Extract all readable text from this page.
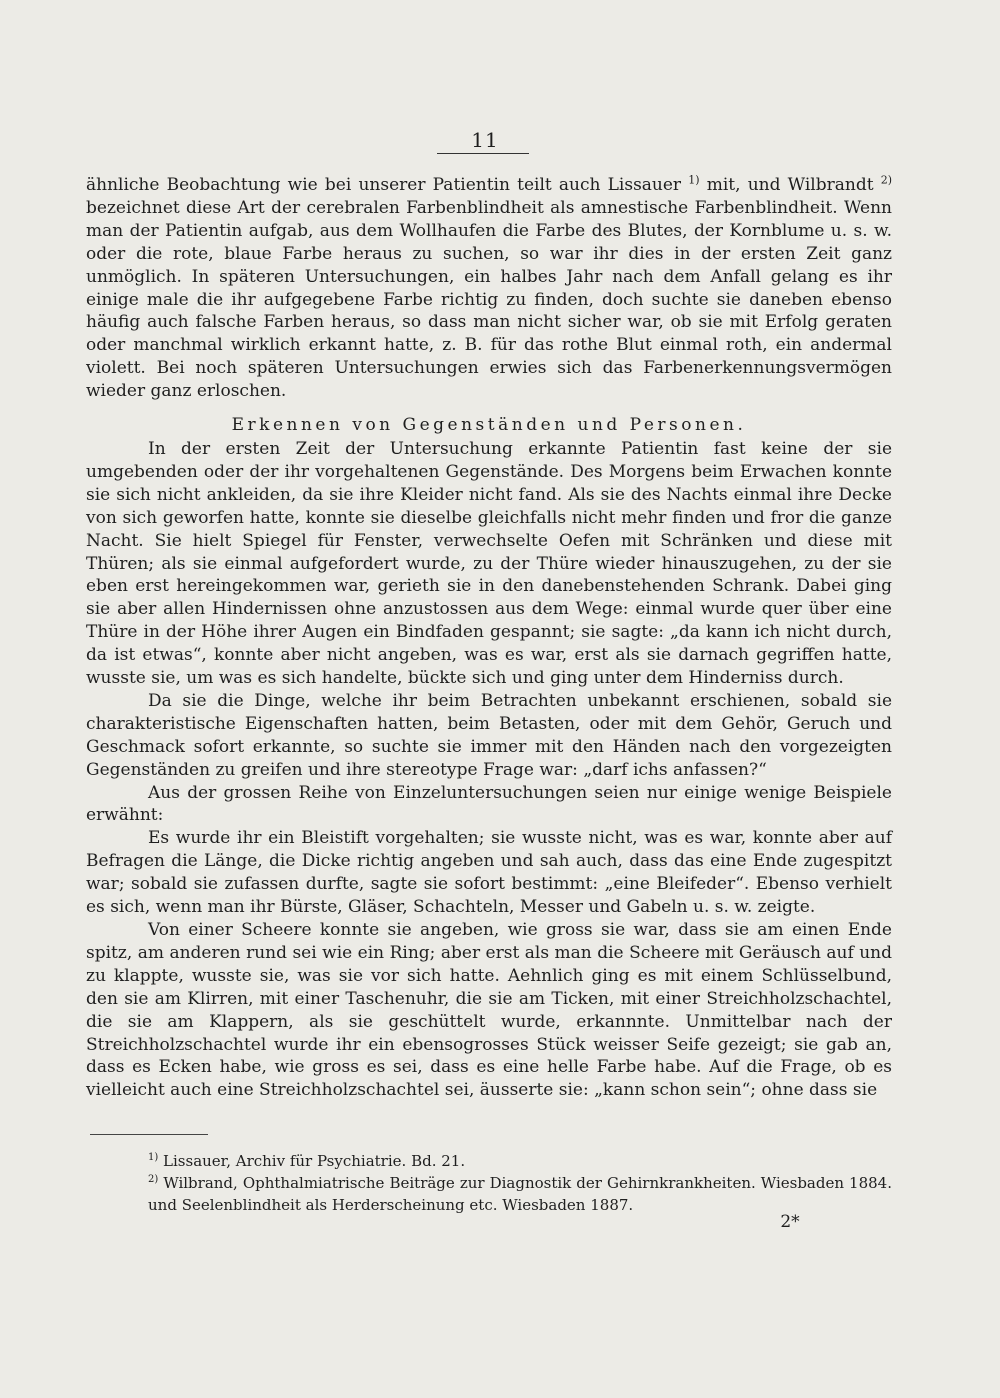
11

ähnliche Beobachtung wie bei unserer Patientin teilt auch Lissauer $^{1)}$ mit, und Wilbrandt $^{2)}$ bezeichnet diese Art der cerebralen Farbenblindheit als amnestische Farbenblindheit. Wenn man der Patientin aufgab, aus dem Wollhaufen die Farbe des Blutes, der Kornblume u. s. w. oder die rote, blaue Farbe heraus zu suchen, so war ihr dies in der ersten Zeit ganz unmöglich. In späteren Untersuchungen, ein halbes Jahr nach dem Anfall gelang es ihr einige male die ihr aufgegebene Farbe richtig zu finden, doch suchte sie daneben ebenso häufig auch falsche Farben heraus, so dass man nicht sicher war, ob sie mit Erfolg geraten oder manchmal wirklich erkannt hatte, z. B. für das rothe Blut einmal roth, ein andermal violett. Bei noch späteren Untersuchungen erwies sich das Farbenerkennungsvermögen wieder ganz erloschen.

Erkennen von Gegenständen und Personen.

In der ersten Zeit der Untersuchung erkannte Patientin fast keine der sie umgebenden oder der ihr vorgehaltenen Gegenstände. Des Morgens beim Erwachen konnte sie sich nicht ankleiden, da sie ihre Kleider nicht fand. Als sie des Nachts einmal ihre Decke von sich geworfen hatte, konnte sie dieselbe gleichfalls nicht mehr finden und fror die ganze Nacht. Sie hielt Spiegel für Fenster, verwechselte Oefen mit Schränken und diese mit Thüren; als sie einmal aufgefordert wurde, zu der Thüre wieder hinauszugehen, zu der sie eben erst hereingekommen war, gerieth sie in den danebenstehenden Schrank. Dabei ging sie aber allen Hindernissen ohne anzustossen aus dem Wege: einmal wurde quer über eine Thüre in der Höhe ihrer Augen ein Bindfaden gespannt; sie sagte: „da kann ich nicht durch, da ist etwas“, konnte aber nicht angeben, was es war, erst als sie darnach gegriffen hatte, wusste sie, um was es sich handelte, bückte sich und ging unter dem Hinderniss durch.

Da sie die Dinge, welche ihr beim Betrachten unbekannt erschienen, sobald sie charakteristische Eigenschaften hatten, beim Betasten, oder mit dem Gehör, Geruch und Geschmack sofort erkannte, so suchte sie immer mit den Händen nach den vorgezeigten Gegenständen zu greifen und ihre stereotype Frage war: „darf ichs anfassen?“

Aus der grossen Reihe von Einzeluntersuchungen seien nur einige wenige Beispiele erwähnt:

Es wurde ihr ein Bleistift vorgehalten; sie wusste nicht, was es war, konnte aber auf Befragen die Länge, die Dicke richtig angeben und sah auch, dass das eine Ende zugespitzt war; sobald sie zufassen durfte, sagte sie sofort bestimmt: „eine Bleifeder“. Ebenso verhielt es sich, wenn man ihr Bürste, Gläser, Schachteln, Messer und Gabeln u. s. w. zeigte.

Von einer Scheere konnte sie angeben, wie gross sie war, dass sie am einen Ende spitz, am anderen rund sei wie ein Ring; aber erst als man die Scheere mit Geräusch auf und zu klappte, wusste sie, was sie vor sich hatte. Aehnlich ging es mit einem Schlüsselbund, den sie am Klirren, mit einer Taschenuhr, die sie am Ticken, mit einer Streichholzschachtel, die sie am Klappern, als sie geschüttelt wurde, erkannnte. Unmittelbar nach der Streichholzschachtel wurde ihr ein ebensogrosses Stück weisser Seife gezeigt; sie gab an, dass es Ecken habe, wie gross es sei, dass es eine helle Farbe habe. Auf die Frage, ob es vielleicht auch eine Streichholzschachtel sei, äusserte sie: „kann schon sein“; ohne dass sie

$^{1)}$ Lissauer, Archiv für Psychiatrie. Bd. 21.

$^{2)}$ Wilbrand, Ophthalmiatrische Beiträge zur Diagnostik der Gehirnkrankheiten. Wiesbaden 1884. und Seelenblindheit als Herderscheinung etc. Wiesbaden 1887.

2*
